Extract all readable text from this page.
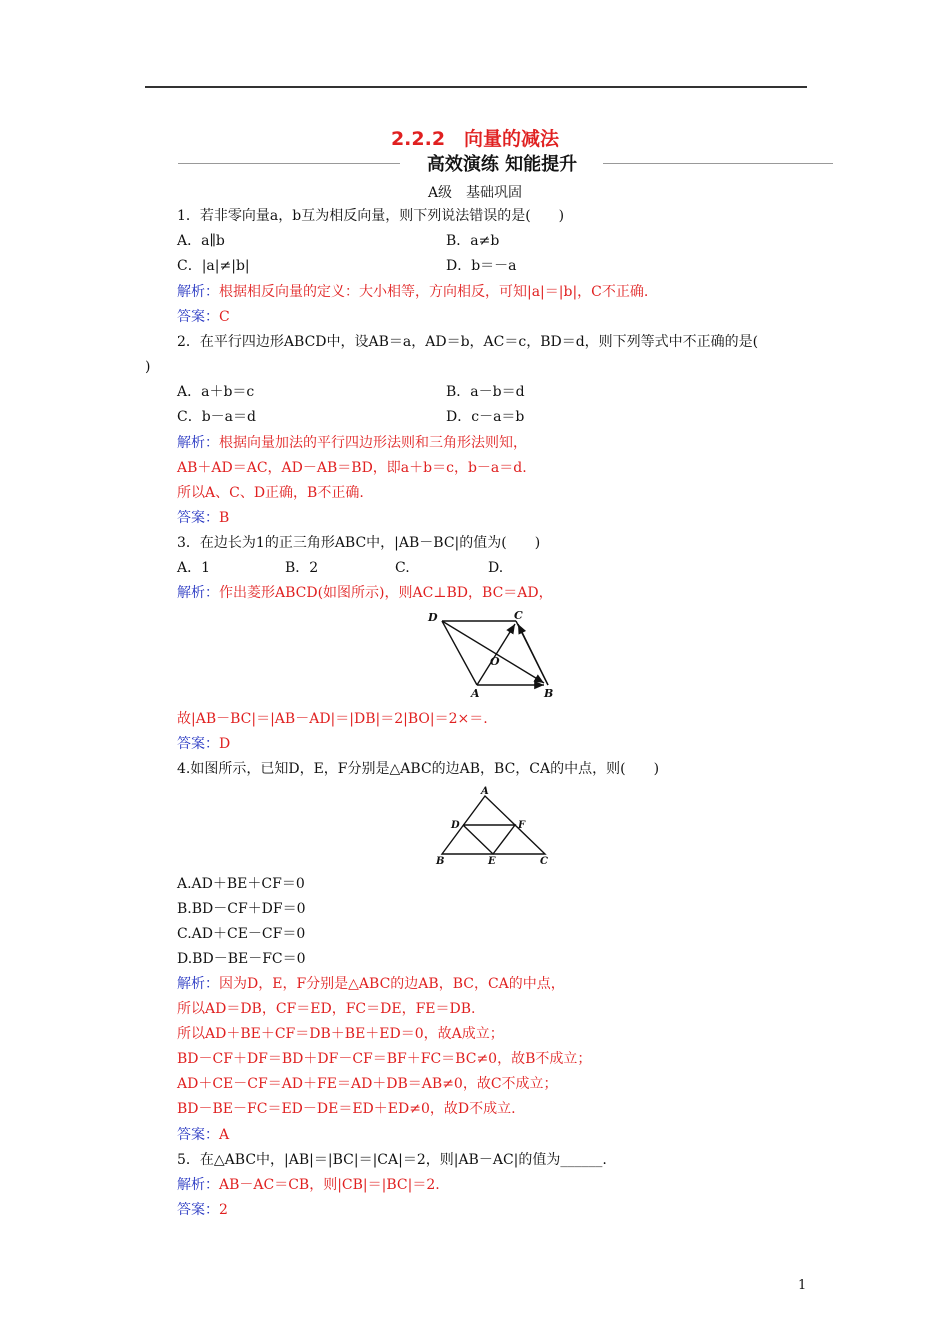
2.2.2　向量的减法
高效演练 知能提升
A级　基础巩固
1．若非零向量a，b互为相反向量，则下列说法错误的是(　　)
A．a∥b	B．a≠b
C．|a|≠|b|	D．b＝－a
解析：根据相反向量的定义：大小相等，方向相反，可知|a|＝|b|，C不正确.
答案：C
2．在平行四边形ABCD中，设AB＝a，AD＝b，AC＝c，BD＝d，则下列等式中不正确的是(
)
A．a＋b＝c	B．a－b＝d
C．b－a＝d	D．c－a＝b
解析：根据向量加法的平行四边形法则和三角形法则知，
AB＋AD＝AC，AD－AB＝BD，即a＋b＝c，b－a＝d.
所以A、C、D正确，B不正确.
答案：B
3．在边长为1的正三角形ABC中，|AB－BC|的值为(　　)
A．1	B．2	C.	D.
解析：作出菱形ABCD(如图所示)，则AC⊥BD，BC＝AD，
D	C
O
A	B
故|AB－BC|＝|AB－AD|＝|DB|＝2|BO|＝2×＝.
答案：D
4.如图所示，已知D，E，F分别是△ABC的边AB，BC，CA的中点，则(　　)
A
D	F
B	E	C
A.AD＋BE＋CF＝0
B.BD－CF＋DF＝0
C.AD＋CE－CF＝0
D.BD－BE－FC＝0
解析：因为D，E，F分别是△ABC的边AB，BC，CA的中点，
所以AD＝DB，CF＝ED，FC＝DE，FE＝DB.
所以AD＋BE＋CF＝DB＋BE＋ED＝0，故A成立；
BD－CF＋DF＝BD＋DF－CF＝BF＋FC＝BC≠0，故B不成立；
AD＋CE－CF＝AD＋FE＝AD＋DB＝AB≠0，故C不成立；
BD－BE－FC＝ED－DE＝ED＋ED≠0，故D不成立.
答案：A
5．在△ABC中，|AB|＝|BC|＝|CA|＝2，则|AB－AC|的值为______.
解析：AB－AC＝CB，则|CB|＝|BC|＝2.
答案：2
1
